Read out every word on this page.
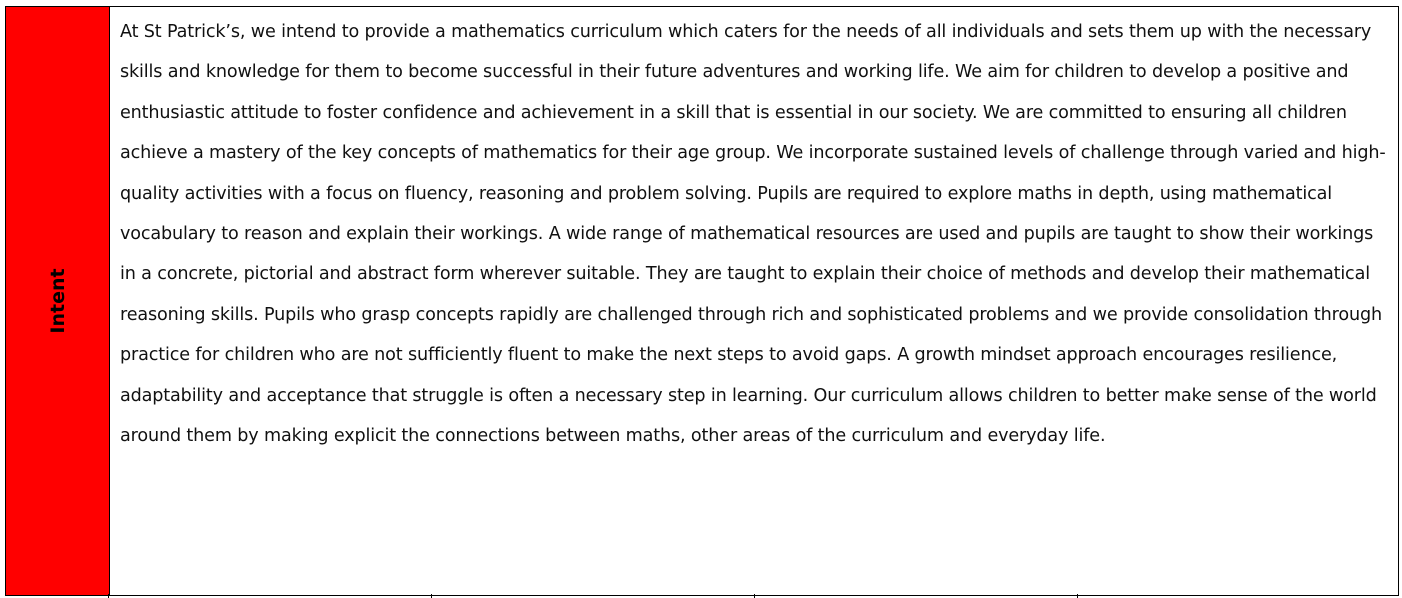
Intent

At St Patrick’s, we intend to provide a mathematics curriculum which caters for the needs of all individuals and sets them up with the necessary skills and knowledge for them to become successful in their future adventures and working life. We aim for children to develop a positive and enthusiastic attitude to foster confidence and achievement in a skill that is essential in our society. We are committed to ensuring all children achieve a mastery of the key concepts of mathematics for their age group. We incorporate sustained levels of challenge through varied and high-quality activities with a focus on fluency, reasoning and problem solving. Pupils are required to explore maths in depth, using mathematical vocabulary to reason and explain their workings. A wide range of mathematical resources are used and pupils are taught to show their workings in a concrete, pictorial and abstract form wherever suitable. They are taught to explain their choice of methods and develop their mathematical reasoning skills. Pupils who grasp concepts rapidly are challenged through rich and sophisticated problems and we provide consolidation through practice for children who are not sufficiently fluent to make the next steps to avoid gaps. A growth mindset approach encourages resilience, adaptability and acceptance that struggle is often a necessary step in learning. Our curriculum allows children to better make sense of the world around them by making explicit the connections between maths, other areas of the curriculum and everyday life.
